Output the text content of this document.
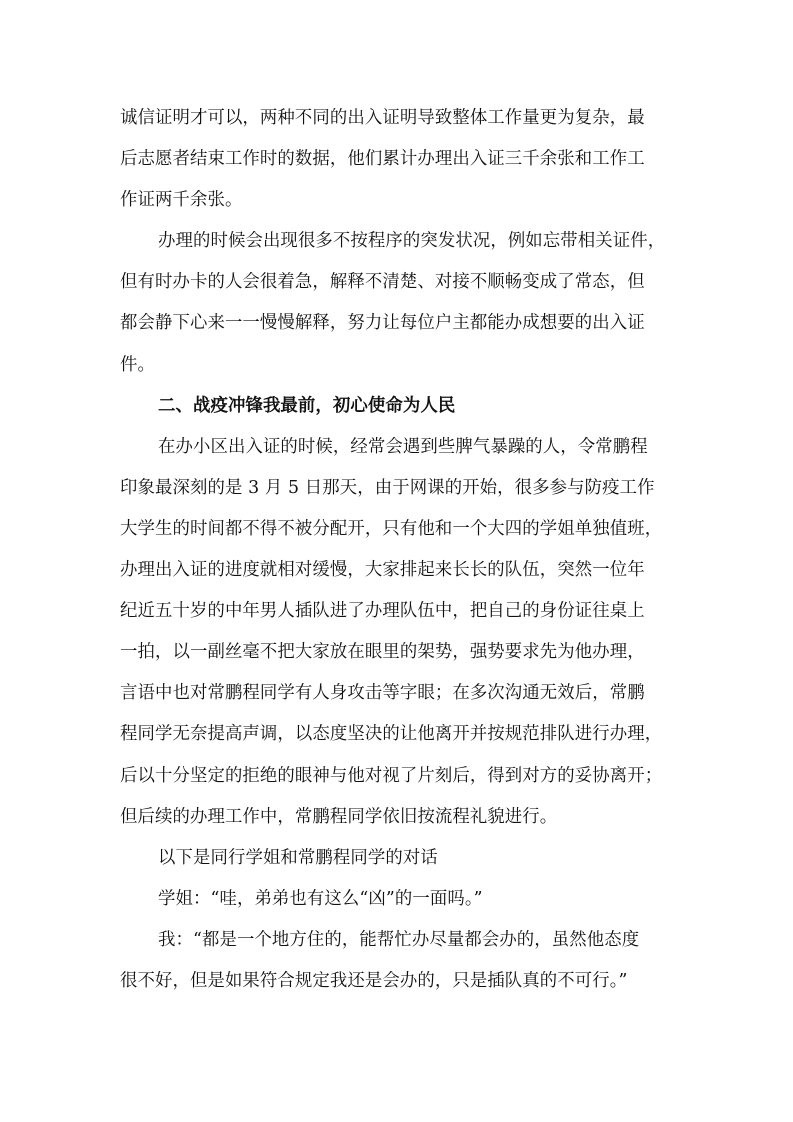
诚信证明才可以，两种不同的出入证明导致整体工作量更为复杂，最
后志愿者结束工作时的数据，他们累计办理出入证三千余张和工作工
作证两千余张。
办理的时候会出现很多不按程序的突发状况，例如忘带相关证件，
但有时办卡的人会很着急，解释不清楚、对接不顺畅变成了常态，但
都会静下心来一一慢慢解释，努力让每位户主都能办成想要的出入证
件。
二、战疫冲锋我最前，初心使命为人民
在办小区出入证的时候，经常会遇到些脾气暴躁的人，令常鹏程
印象最深刻的是 3 月 5 日那天，由于网课的开始，很多参与防疫工作
大学生的时间都不得不被分配开，只有他和一个大四的学姐单独值班，
办理出入证的进度就相对缓慢，大家排起来长长的队伍，突然一位年
纪近五十岁的中年男人插队进了办理队伍中，把自己的身份证往桌上
一拍，以一副丝毫不把大家放在眼里的架势，强势要求先为他办理，
言语中也对常鹏程同学有人身攻击等字眼；在多次沟通无效后，常鹏
程同学无奈提高声调，以态度坚决的让他离开并按规范排队进行办理，
后以十分坚定的拒绝的眼神与他对视了片刻后，得到对方的妥协离开；
但后续的办理工作中，常鹏程同学依旧按流程礼貌进行。
以下是同行学姐和常鹏程同学的对话
学姐：“哇，弟弟也有这么“凶”的一面吗。”
我：“都是一个地方住的，能帮忙办尽量都会办的，虽然他态度
很不好，但是如果符合规定我还是会办的，只是插队真的不可行。”
